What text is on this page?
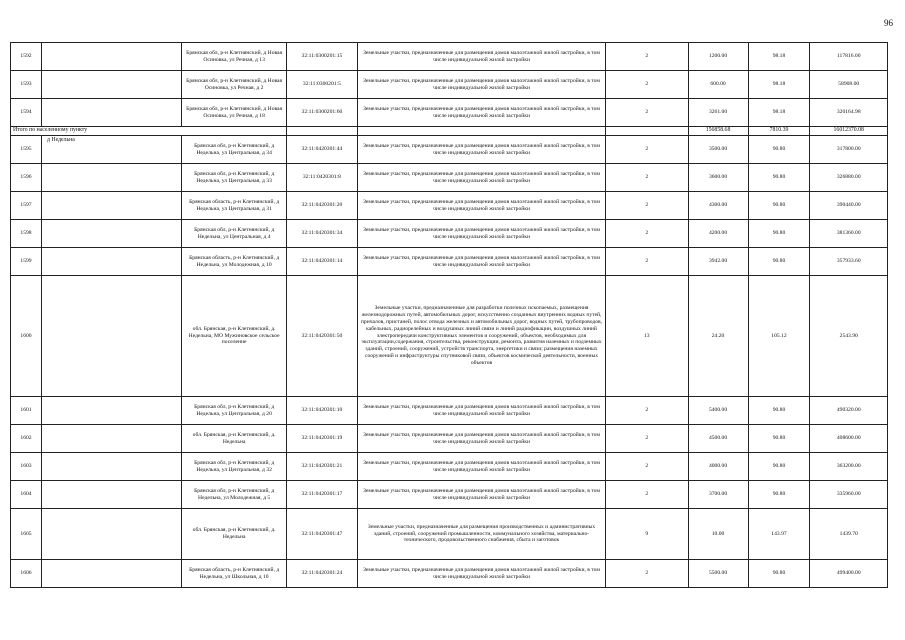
96
1592		Брянская обл, р-н Клетнянский, д Новая Осиновка, ул Речная, д 13	32:11:0300201:15	Земельные участки, предназначенные для размещения домов малоэтажной жилой застройки, в том числе индивидуальной жилой застройки	2	1200.00	98.18	117816.00
1593		Брянская обл, р-н Клетнянский, д Новая Осиновка, ул Речная, д 2	32:11:0300201:5	Земельные участки, предназначенные для размещения домов малоэтажной жилой застройки, в том числе индивидуальной жилой застройки	2	600.00	98.18	58908.00
1594		Брянская обл, р-н Клетнянский, д Новая Осиновка, ул Речная, д 18	32:11:0300201:60	Земельные участки, предназначенные для размещения домов малоэтажной жилой застройки, в том числе индивидуальной жилой застройки	2	3261.00	98.18	320164.98
Итого по населенному пункту						156858.68	7810.39	16012370.08
1595	д Недельна	Брянская обл, р-н Клетнянский, д Недельна, ул Центральная, д 34	32:11:0420301:44	Земельные участки, предназначенные для размещения домов малоэтажной жилой застройки, в том числе индивидуальной жилой застройки	2	3500.00	90.80	317800.00
1596		Брянская обл, р-н Клетнянский, д Недельна, ул Центральная, д 33	32:11:0420301:8	Земельные участки, предназначенные для размещения домов малоэтажной жилой застройки, в том числе индивидуальной жилой застройки	2	3600.00	90.80	326880.00
1597		Брянская область, р-н Клетнянский, д Недельна, ул Центральная, д 31	32:11:0420301:20	Земельные участки, предназначенные для размещения домов малоэтажной жилой застройки, в том числе индивидуальной жилой застройки	2	4300.00	90.80	390440.00
1598		Брянская обл, р-н Клетнянский, д Недельна, ул Центральная, д 4	32:11:0420301:34	Земельные участки, предназначенные для размещения домов малоэтажной жилой застройки, в том числе индивидуальной жилой застройки	2	4200.00	90.80	381360.00
1599		Брянская область, р-н Клетнянский, д Недельна, ул Молодежная, д 10	32:11:0420301:14	Земельные участки, предназначенные для размещения домов малоэтажной жилой застройки, в том числе индивидуальной жилой застройки	2	3942.00	90.80	357933.60
1600		обл. Брянская, р-н Клетнянский, д. Недельна, МО Мужиновское сельское поселение	32:11:0420301:50	Земельные участки, предназначенные для разработки полезных ископаемых, размещения железнодорожных путей, автомобильных дорог, искусственно созданных внутренних водных путей, причалов, пристаней, полос отвода железных и автомобильных дорог, водных путей, трубопроводов, кабельных, радиорелейных и воздушных линий связи и линий радиофикации, воздушных линий электропередачи конструктивных элементов и сооружений, объектов, необходимых для эксплуатации,содержания, строительства, реконструкции, ремонта, развития наземных и подземных зданий, строений, сооружений, устройств транспорта, энергетики и связи; размещения наземных сооружений и инфраструктуры спутниковой связи, объектов космической деятельности, военных объектов	13	24.20	105.12	2543.90
1601		Брянская обл, р-н Клетнянский, д Недельна, ул Центральная, д 20	32:11:0420301:10	Земельные участки, предназначенные для размещения домов малоэтажной жилой застройки, в том числе индивидуальной жилой застройки	2	5400.00	90.80	490320.00
1602		обл. Брянская, р-н Клетнянский, д. Недельна	32:11:0420301:19	Земельные участки, предназначенные для размещения домов малоэтажной жилой застройки, в том числе индивидуальной жилой застройки	2	4500.00	90.80	408600.00
1603		Брянская обл, р-н Клетнянский, д Недельна, ул Центральная, д 32	32:11:0420301:21	Земельные участки, предназначенные для размещения домов малоэтажной жилой застройки, в том числе индивидуальной жилой застройки	2	4000.00	90.80	363200.00
1604		Брянская обл, р-н Клетнянский, д Недельна, ул Молодежная, д 5	32:11:0420301:17	Земельные участки, предназначенные для размещения домов малоэтажной жилой застройки, в том числе индивидуальной жилой застройки	2	3700.00	90.80	335960.00
1605		обл. Брянская, р-н Клетнянский, д. Недельна	32:11:0420301:47	Земельные участки, предназначенные для размещения производственных и административных зданий, строений, сооружений промышленности, коммунального хозяйства, материально-технического, продовольственного снабжения, сбыта и заготовок	9	10.00	143.97	1439.70
1606		Брянская область, р-н Клетнянский, д Недельна, ул Школьная, д 10	32:11:0420301:24	Земельные участки, предназначенные для размещения домов малоэтажной жилой застройки, в том числе индивидуальной жилой застройки	2	5500.00	90.80	499400.00
